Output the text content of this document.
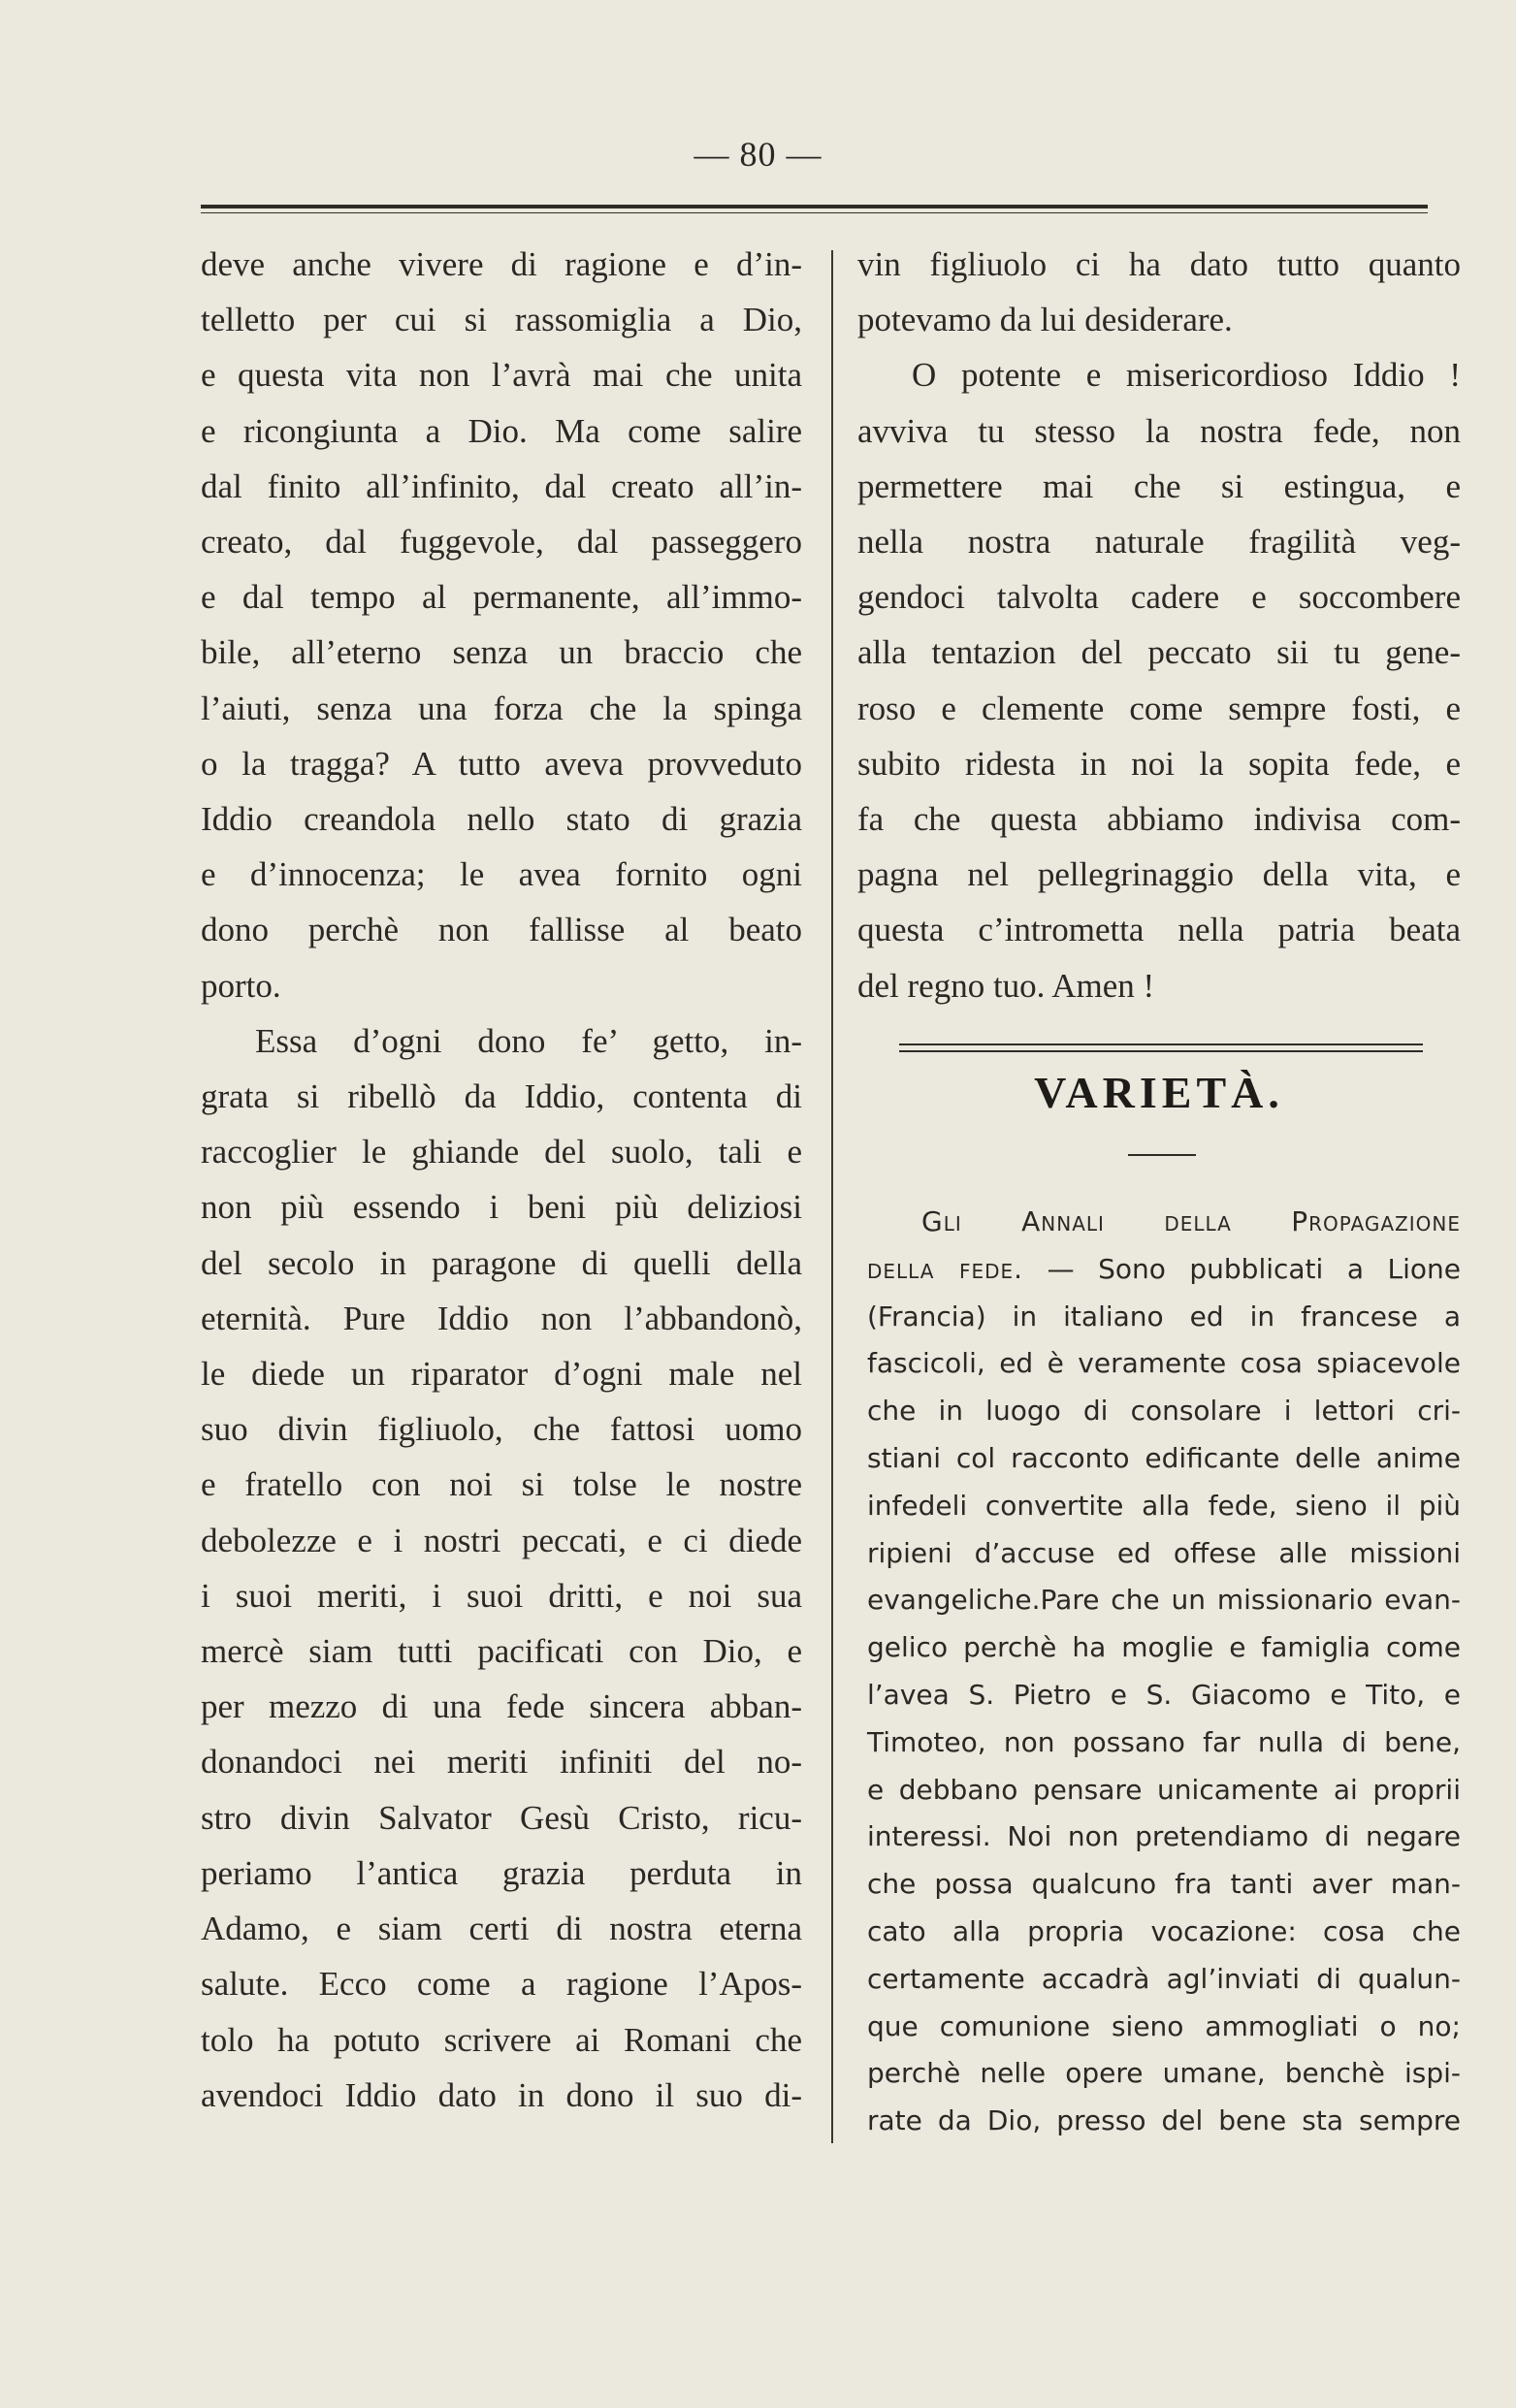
— 80 —
deve anche vivere di ragione e d’in-
telletto per cui si rassomiglia a Dio,
e questa vita non l’avrà mai che unita
e ricongiunta a Dio. Ma come salire
dal finito all’infinito, dal creato all’in-
creato, dal fuggevole, dal passeggero
e dal tempo al permanente, all’immo-
bile, all’eterno senza un braccio che
l’aiuti, senza una forza che la spinga
o la tragga? A tutto aveva provveduto
Iddio creandola nello stato di grazia
e d’innocenza; le avea fornito ogni
dono perchè non fallisse al beato
porto.
Essa d’ogni dono fe’ getto, in-
grata si ribellò da Iddio, contenta di
raccoglier le ghiande del suolo, tali e
non più essendo i beni più deliziosi
del secolo in paragone di quelli della
eternità. Pure Iddio non l’abbandonò,
le diede un riparator d’ogni male nel
suo divin figliuolo, che fattosi uomo
e fratello con noi si tolse le nostre
debolezze e i nostri peccati, e ci diede
i suoi meriti, i suoi dritti, e noi sua
mercè siam tutti pacificati con Dio, e
per mezzo di una fede sincera abban-
donandoci nei meriti infiniti del no-
stro divin Salvator Gesù Cristo, ricu-
periamo l’antica grazia perduta in
Adamo, e siam certi di nostra eterna
salute. Ecco come a ragione l’Apos-
tolo ha potuto scrivere ai Romani che
avendoci Iddio dato in dono il suo di-
vin figliuolo ci ha dato tutto quanto
potevamo da lui desiderare.
O potente e misericordioso Iddio !
avviva tu stesso la nostra fede, non
permettere mai che si estingua, e
nella nostra naturale fragilità veg-
gendoci talvolta cadere e soccombere
alla tentazion del peccato sii tu gene-
roso e clemente come sempre fosti, e
subito ridesta in noi la sopita fede, e
fa che questa abbiamo indivisa com-
pagna nel pellegrinaggio della vita, e
questa c’intrometta nella patria beata
del regno tuo. Amen !
VARIETÀ.
Gli Annali della Propagazione
della fede. — Sono pubblicati a Lione
(Francia) in italiano ed in francese a
fascicoli, ed è veramente cosa spiacevole
che in luogo di consolare i lettori cri-
stiani col racconto edificante delle anime
infedeli convertite alla fede, sieno il più
ripieni d’accuse ed offese alle missioni
evangeliche.Pare che un missionario evan-
gelico perchè ha moglie e famiglia come
l’avea S. Pietro e S. Giacomo e Tito, e
Timoteo, non possano far nulla di bene,
e debbano pensare unicamente ai proprii
interessi. Noi non pretendiamo di negare
che possa qualcuno fra tanti aver man-
cato alla propria vocazione: cosa che
certamente accadrà agl’inviati di qualun-
que comunione sieno ammogliati o no;
perchè nelle opere umane, benchè ispi-
rate da Dio, presso del bene sta sempre
